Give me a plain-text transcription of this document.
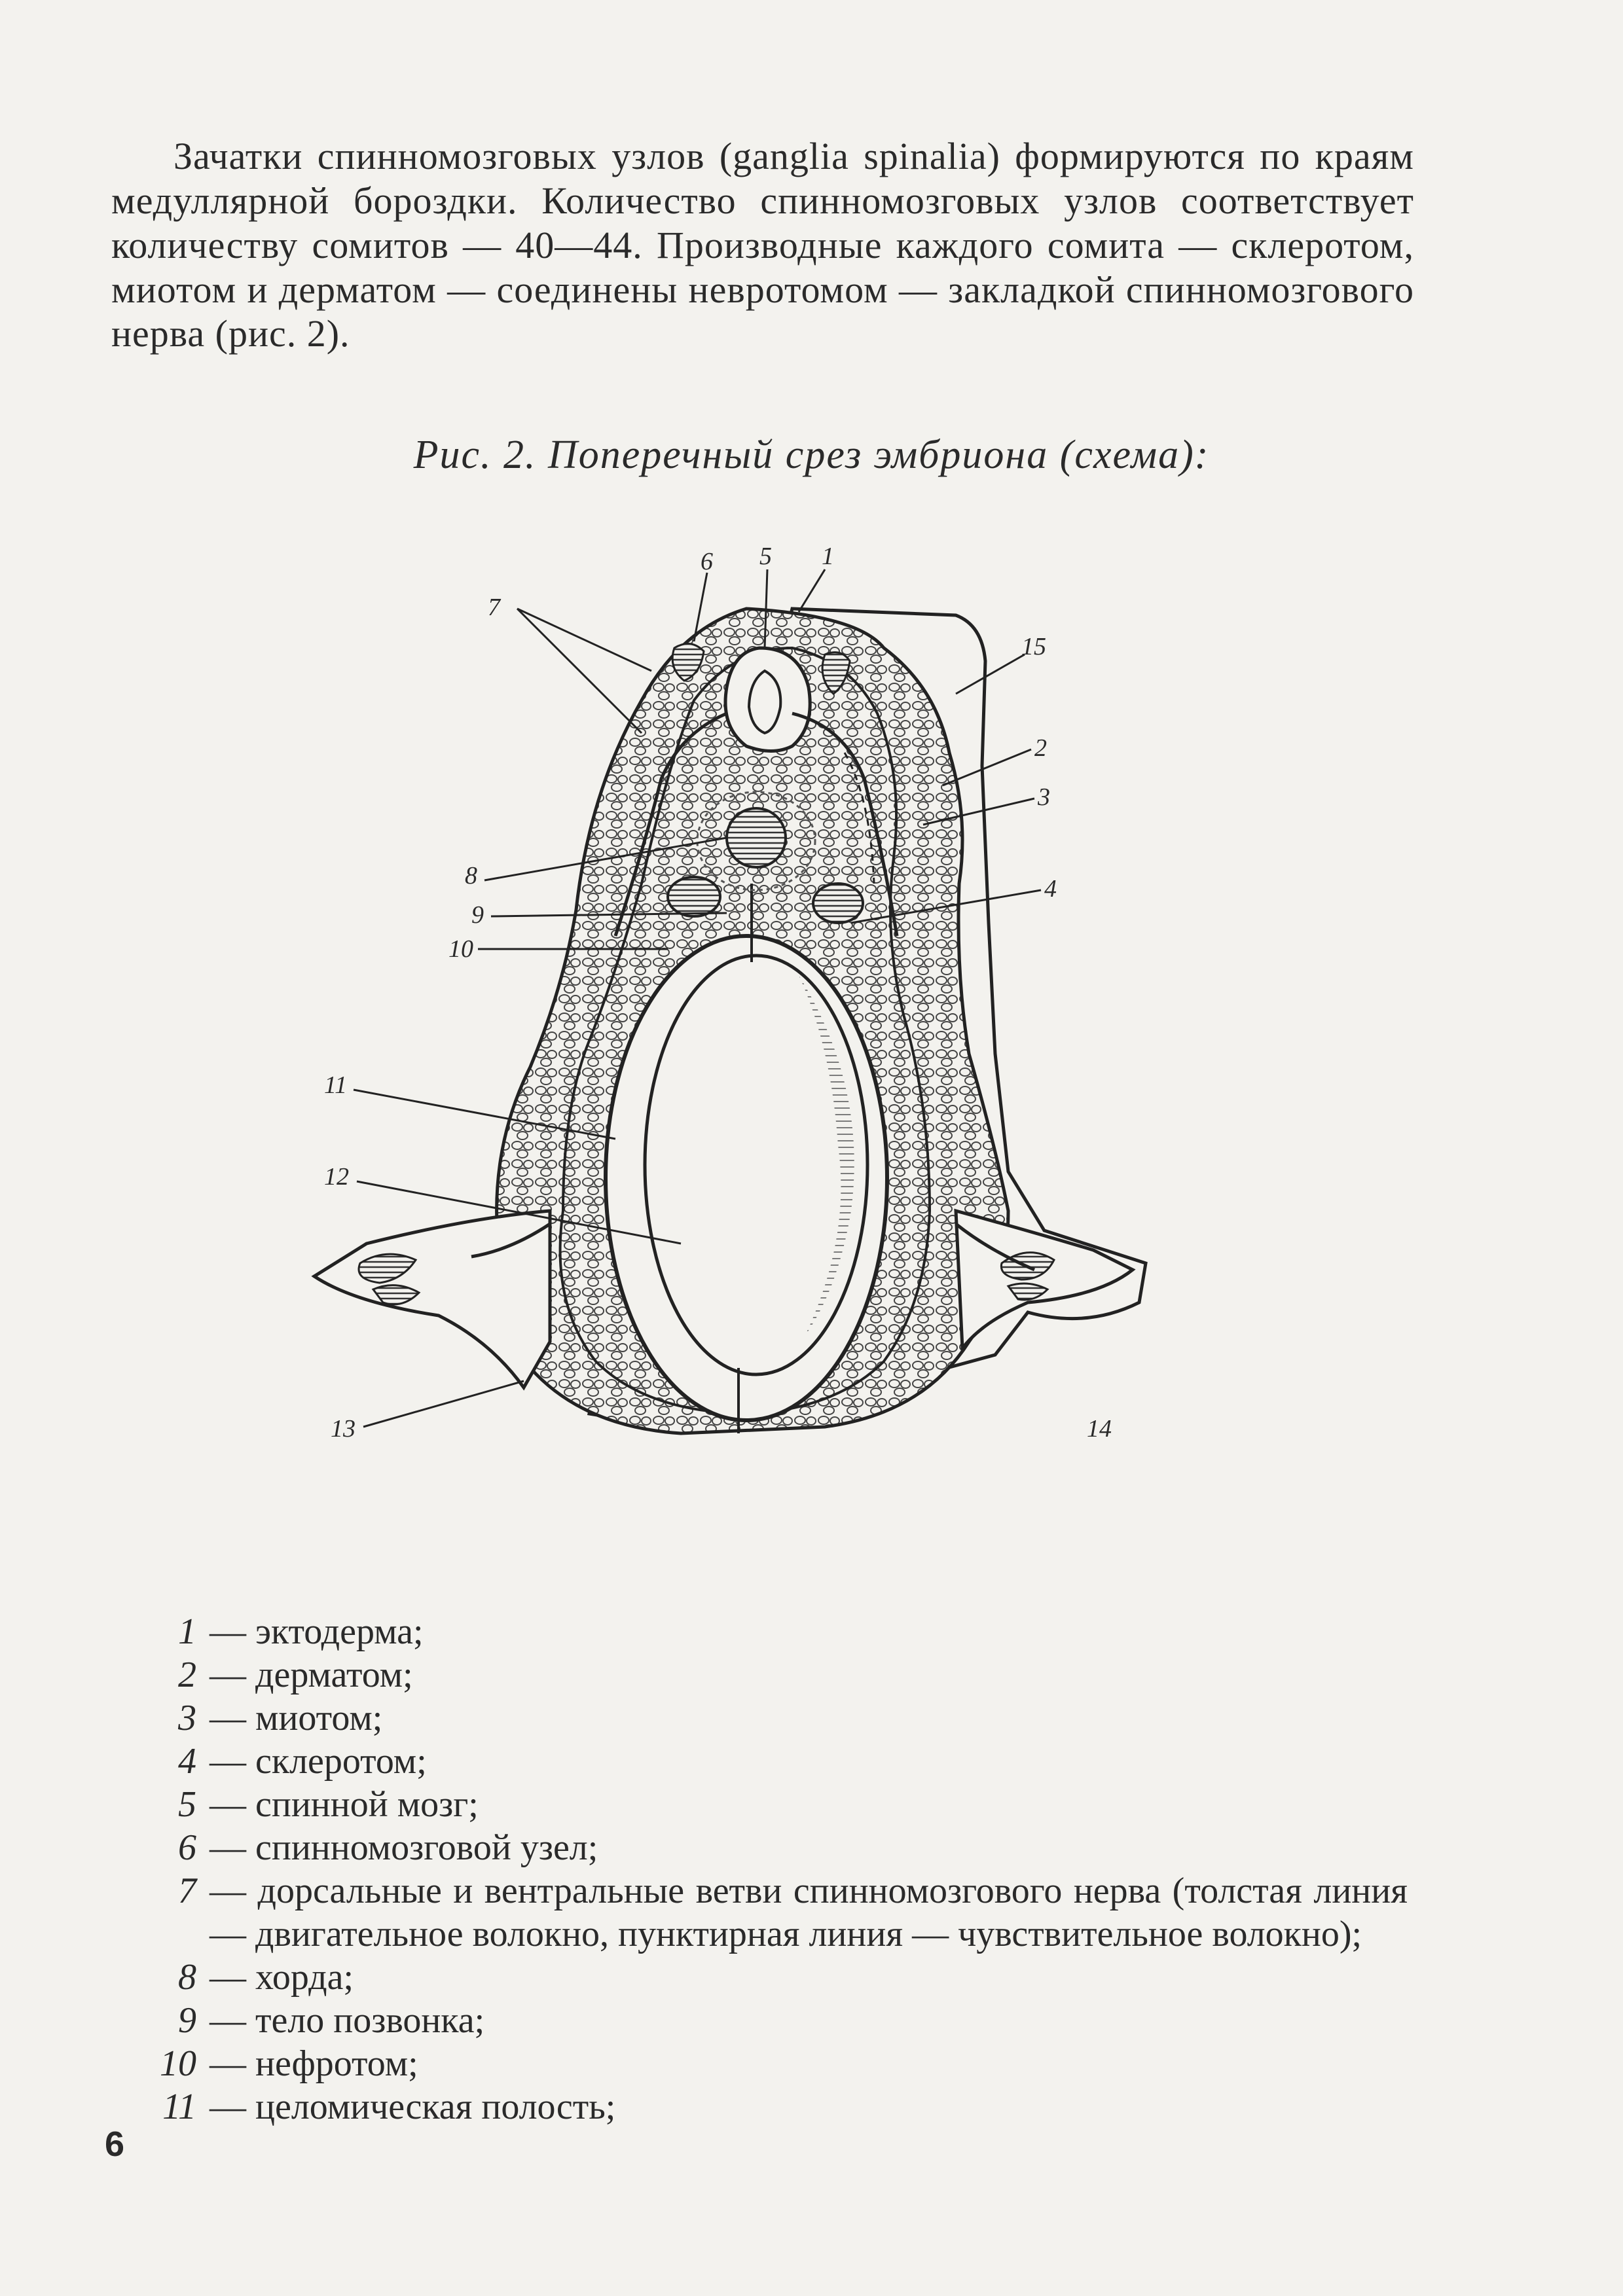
Зачатки спинномозговых узлов (ganglia spinalia) формируются по краям медуллярной бороздки. Количество спинномозговых узлов соответствует количеству сомитов — 40—44. Производные каждого сомита — склеротом, миотом и дерматом — соединены невротомом — закладкой спинномозгового нерва (рис. 2).
Рис. 2. Поперечный срез эмбриона (схема):
6 5 1
7
15
2
3
4
8
9
10
11
12
13	14
1 — эктодерма;
2 — дерматом;
3 — миотом;
4 — склеротом;
5 — спинной мозг;
6 — спинномозговой узел;
7 — дорсальные и вентральные ветви спинномозгового нерва (толстая линия — двигательное волокно, пунктирная линия — чувствительное волокно);
8 — хорда;
9 — тело позвонка;
10 — нефротом;
11 — целомическая полость;
6
